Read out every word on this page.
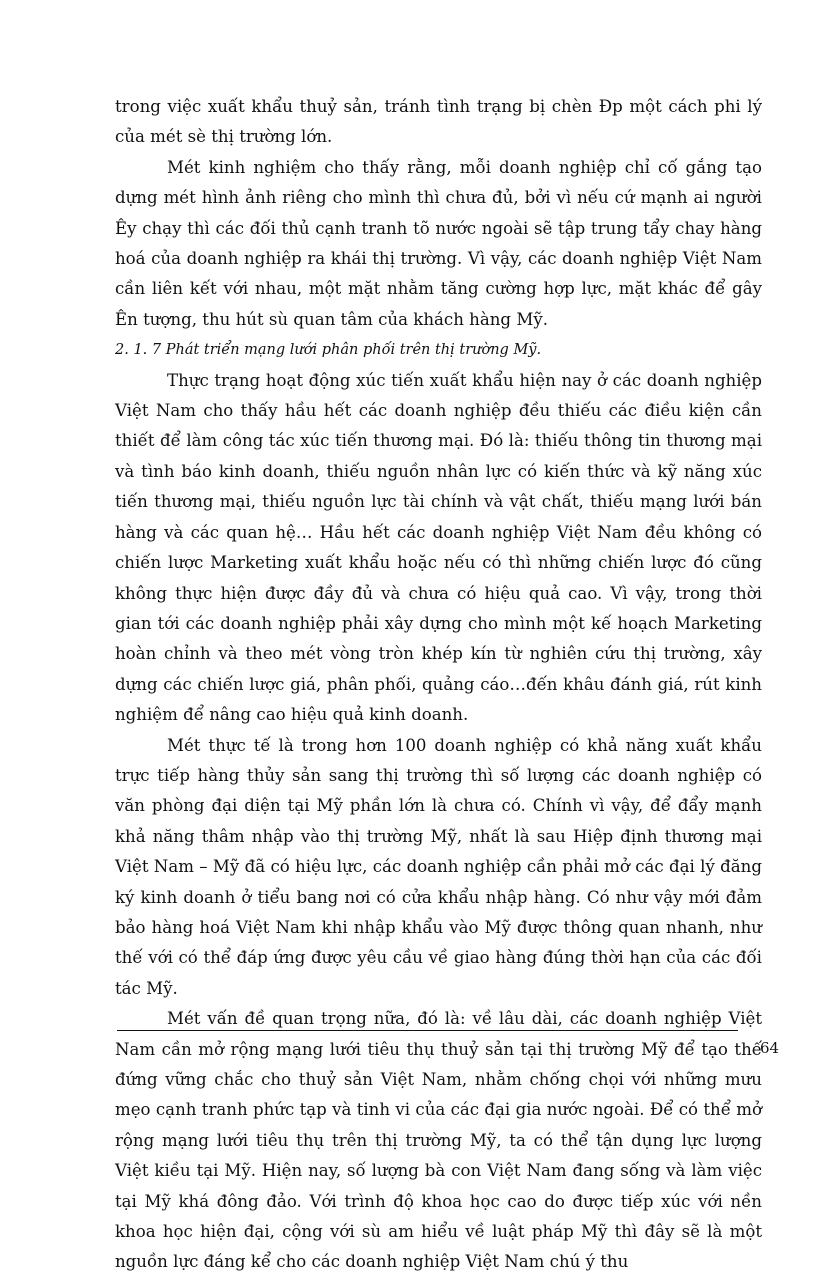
trong việc xuất khẩu thuỷ sản, tránh tình trạng bị chèn Ðp một cách phi lý của mét sè thị trường lớn.

Mét kinh nghiệm cho thấy rằng, mỗi doanh nghiệp chỉ cố gắng tạo dựng mét hình ảnh riêng cho mình thì chưa đủ, bởi vì nếu cứ mạnh ai người Êy chạy thì các đối thủ cạnh tranh tõ nước ngoài sẽ tập trung tẩy chay hàng hoá của doanh nghiệp ra khái thị trường. Vì vậy, các doanh nghiệp Việt Nam cần liên kết với nhau, một mặt nhằm tăng cường hợp lực, mặt khác để gây Ên tượng, thu hút sù quan tâm của khách hàng Mỹ.

2. 1. 7 Phát triển mạng lưới phân phối trên thị trường Mỹ.

Thực trạng hoạt động xúc tiến xuất khẩu hiện nay ở các doanh nghiệp Việt Nam cho thấy hầu hết các doanh nghiệp đều thiếu các điều kiện cần thiết để làm công tác xúc tiến thương mại. Đó là: thiếu thông tin thương mại và tình báo kinh doanh, thiếu nguồn nhân lực có kiến thức và kỹ năng xúc tiến thương mại, thiếu nguồn lực tài chính và vật chất, thiếu mạng lưới bán hàng và các quan hệ… Hầu hết các doanh nghiệp Việt Nam đều không có chiến lược Marketing xuất khẩu hoặc nếu có thì những chiến lược đó cũng không thực hiện được đầy đủ và chưa có hiệu quả cao. Vì vậy, trong thời gian tới các doanh nghiệp phải xây dựng cho mình một kế hoạch Marketing hoàn chỉnh và theo mét vòng tròn khép kín từ nghiên cứu thị trường, xây dựng các chiến lược giá, phân phối, quảng cáo…đến khâu đánh giá, rút kinh nghiệm để nâng cao hiệu quả kinh doanh.

Mét thực tế là trong hơn 100 doanh nghiệp có khả năng xuất khẩu trực tiếp hàng thủy sản sang thị trường thì số lượng các doanh nghiệp có văn phòng đại diện tại Mỹ phần lớn là chưa có. Chính vì vậy, để đẩy mạnh khả năng thâm nhập vào thị trường Mỹ, nhất là sau Hiệp định thương mại Việt Nam – Mỹ đã có hiệu lực, các doanh nghiệp cần phải mở các đại lý đăng ký kinh doanh ở tiểu bang nơi có cửa khẩu nhập hàng. Có như vậy mới đảm bảo hàng hoá Việt Nam khi nhập khẩu vào Mỹ được thông quan nhanh, như thế với có thể đáp ứng được yêu cầu về giao hàng đúng thời hạn của các đối tác Mỹ.

Mét vấn đề quan trọng nữa, đó là: về lâu dài, các doanh nghiệp Việt Nam cần mở rộng mạng lưới tiêu thụ thuỷ sản tại thị trường Mỹ để tạo thế đứng vững chắc cho thuỷ sản Việt Nam, nhằm chống chọi với những mưu mẹo cạnh tranh phức tạp và tinh vi của các đại gia nước ngoài. Để có thể mở rộng mạng lưới tiêu thụ trên thị trường Mỹ, ta có thể tận dụng lực lượng Việt kiều tại Mỹ. Hiện nay, số lượng bà con Việt Nam đang sống và làm việc tại Mỹ khá đông đảo. Với trình độ khoa học cao do được tiếp xúc với nền khoa học hiện đại, cộng với sù am hiểu về luật pháp Mỹ thì đây sẽ là một nguồn lực đáng kể cho các doanh nghiệp Việt Nam chú ý thu

64
